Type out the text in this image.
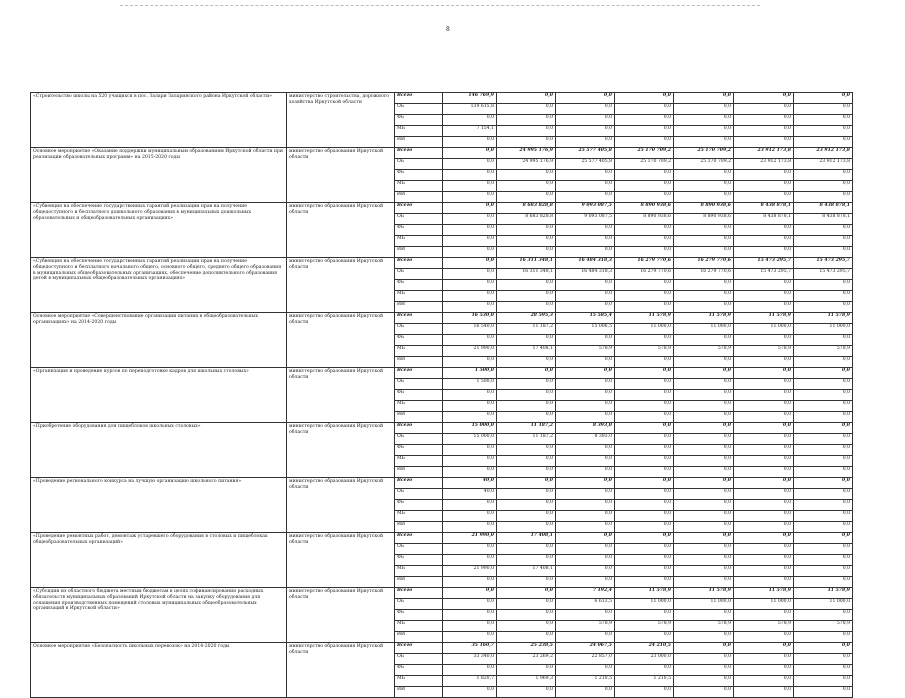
8
«Строительство школы на 520 учащихся в пос. Залари Заларинского района Иркутской области»	министерство строительства, дорожного хозяйства Иркутской области	Всего	146 769,9	0,0	0,0	0,0	0,0	0,0	0,0
		ОБ	139 615,8	0,0	0,0	0,0	0,0	0,0	0,0
		ФБ	0,0	0,0	0,0	0,0	0,0	0,0	0,0
		МБ	7 154,1	0,0	0,0	0,0	0,0	0,0	0,0
		ИИ	0,0	0,0	0,0	0,0	0,0	0,0	0,0
Основное мероприятие «Оказание поддержки муниципальным образованиям Иркутской области при реализации образовательных программ» на 2015-2020 годы	министерство образования Иркутской области	Всего	0,0	24 995 176,9	25 577 405,8	25 170 709,2	25 170 709,2	23 912 173,8	23 912 173,8
		ОБ	0,0	24 995 176,9	25 577 405,8	25 170 709,2	25 170 709,2	23 912 173,8	23 912 173,8
		ФБ	0,0	0,0	0,0	0,0	0,0	0,0	0,0
		МБ	0,0	0,0	0,0	0,0	0,0	0,0	0,0
		ИИ	0,0	0,0	0,0	0,0	0,0	0,0	0,0
«Субвенция на обеспечение государственных гарантий реализации прав на получение общедоступного и бесплатного дошкольного образования в муниципальных дошкольных образовательных и общеобразовательных организациях»	министерство образования Иркутской области	Всего	0,0	8 683 828,8	9 093 087,5	8 890 938,6	8 890 938,6	8 438 878,1	8 438 878,1
		ОБ	0,0	8 683 828,8	9 093 087,5	8 890 938,6	8 890 938,6	8 438 878,1	8 438 878,1
		ФБ	0,0	0,0	0,0	0,0	0,0	0,0	0,0
		МБ	0,0	0,0	0,0	0,0	0,0	0,0	0,0
		ИИ	0,0	0,0	0,0	0,0	0,0	0,0	0,0
«Субвенция на обеспечение государственных гарантий реализации прав на получение общедоступного и бесплатного начального общего, основного общего, среднего общего образования в муниципальных общеобразовательных организациях, обеспечение дополнительного образования детей в муниципальных общеобразовательных организациях»	министерство образования Иркутской области	Всего	0,0	16 311 348,1	16 484 318,3	16 279 770,6	16 279 770,6	15 473 295,7	15 473 295,7
		ОБ	0,0	16 311 348,1	16 484 318,3	16 279 770,6	16 279 770,6	15 473 295,7	15 473 295,7
		ФБ	0,0	0,0	0,0	0,0	0,0	0,0	0,0
		МБ	0,0	0,0	0,0	0,0	0,0	0,0	0,0
		ИИ	0,0	0,0	0,0	0,0	0,0	0,0	0,0
Основное мероприятие «Совершенствование организации питания в общеобразовательных организациях» на 2014-2020 годы	министерство образования Иркутской области	Всего	16 530,0	28 595,3	15 585,4	11 578,9	11 578,9	11 578,9	11 578,9
		ОБ	16 540,0	11 187,2	15 006,5	11 000,0	11 000,0	11 000,0	11 000,0
		ФБ	0,0	0,0	0,0	0,0	0,0	0,0	0,0
		МБ	21 990,0	17 408,1	578,9	578,9	578,9	578,9	578,9
		ИИ	0,0	0,0	0,0	0,0	0,0	0,0	0,0
«Организация и проведение курсов по переподготовке кадров для школьных столовых»	министерство образования Иркутской области	Всего	1 500,0	0,0	0,0	0,0	0,0	0,0	0,0
		ОБ	1 500,0	0,0	0,0	0,0	0,0	0,0	0,0
		ФБ	0,0	0,0	0,0	0,0	0,0	0,0	0,0
		МБ	0,0	0,0	0,0	0,0	0,0	0,0	0,0
		ИИ	0,0	0,0	0,0	0,0	0,0	0,0	0,0
«Приобретение оборудования для пищеблоков школьных столовых»	министерство образования Иркутской области	Всего	15 000,0	11 187,2	8 393,0	0,0	0,0	0,0	0,0
		ОБ	15 000,0	11 187,2	8 393,0	0,0	0,0	0,0	0,0
		ФБ	0,0	0,0	0,0	0,0	0,0	0,0	0,0
		МБ	0,0	0,0	0,0	0,0	0,0	0,0	0,0
		ИИ	0,0	0,0	0,0	0,0	0,0	0,0	0,0
«Проведение регионального конкурса на лучшую организацию школьного питания»	министерство образования Иркутской области	Всего	40,0	0,0	0,0	0,0	0,0	0,0	0,0
		ОБ	40,0	0,0	0,0	0,0	0,0	0,0	0,0
		ФБ	0,0	0,0	0,0	0,0	0,0	0,0	0,0
		МБ	0,0	0,0	0,0	0,0	0,0	0,0	0,0
		ИИ	0,0	0,0	0,0	0,0	0,0	0,0	0,0
«Проведение ремонтных работ, демонтаж устаревшего оборудования в столовых и пищеблоках общеобразовательных организаций»	министерство образования Иркутской области	Всего	21 990,0	17 408,1	0,0	0,0	0,0	0,0	0,0
		ОБ	0,0	0,0	0,0	0,0	0,0	0,0	0,0
		ФБ	0,0	0,0	0,0	0,0	0,0	0,0	0,0
		МБ	21 990,0	17 408,1	0,0	0,0	0,0	0,0	0,0
		ИИ	0,0	0,0	0,0	0,0	0,0	0,0	0,0
«Субсидии из областного бюджета местным бюджетам в целях софинансирования расходных обязательств муниципальных образований Иркутской области на закупку оборудования для оснащения производственных помещений столовых муниципальных общеобразовательных организаций в Иркутской области»	министерство образования Иркутской области	Всего	0,0	0,0	7 192,4	11 578,9	11 578,9	11 578,9	11 578,9
		ОБ	0,0	0,0	6 613,5	11 000,0	11 000,0	11 000,0	11 000,0
		ФБ	0,0	0,0	0,0	0,0	0,0	0,0	0,0
		МБ	0,0	0,0	578,9	578,9	578,9	578,9	578,9
		ИИ	0,0	0,0	0,0	0,0	0,0	0,0	0,0
Основное мероприятие «Безопасность школьных перевозок» на 2014-2020 годы	министерство образования Иркутской области	Всего	35 160,7	25 238,5	24 067,5	24 210,5	0,0	0,0	0,0
		ОБ	33 340,0	23 269,2	22 857,0	23 000,0	0,0	0,0	0,0
		ФБ	0,0	0,0	0,0	0,0	0,0	0,0	0,0
		МБ	1 820,7	1 969,3	1 210,5	1 210,5	0,0	0,0	0,0
		ИИ	0,0	0,0	0,0	0,0	0,0	0,0	0,0
